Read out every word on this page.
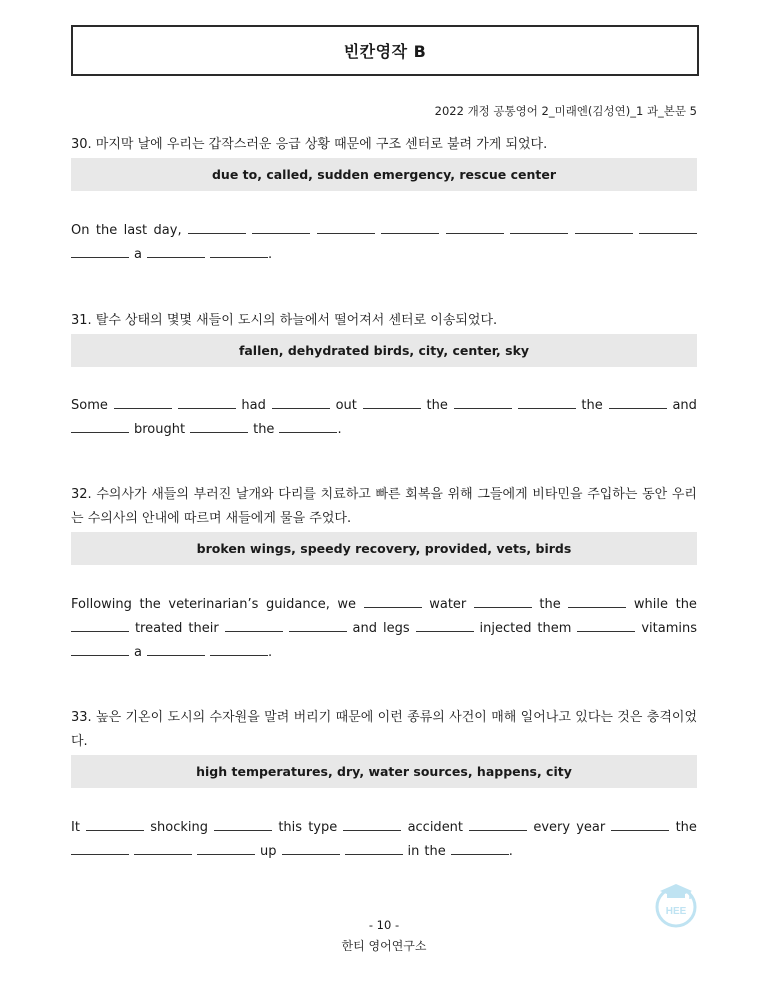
빈칸영작 B
2022 개정 공통영어 2_미래엔(김성연)_1 과_본문 5
30. 마지막 날에 우리는 갑작스러운 응급 상황 때문에 구조 센터로 불려 가게 되었다.
due to, called, sudden emergency, rescue center
On the last day,
a	.
31. 탈수 상태의 몇몇 새들이 도시의 하늘에서 떨어져서 센터로 이송되었다.
fallen, dehydrated birds, city, center, sky
Some	had	out	the	the	and
brought	the	.
32. 수의사가 새들의 부러진 날개와 다리를 치료하고 빠른 회복을 위해 그들에게 비타민을 주입하는 동안 우리는 수의사의 안내에 따르며 새들에게 물을 주었다.
broken wings, speedy recovery, provided, vets, birds
Following the veterinarian’s guidance, we	water	the	while the
treated their	and legs	injected them	vitamins
a	.
33. 높은 기온이 도시의 수자원을 말려 버리기 때문에 이런 종류의 사건이 매해 일어나고 있다는 것은 충격이었다.
high temperatures, dry, water sources, happens, city
It	shocking	this type	accident	every year	the
up	in the	.
- 10 -
한티 영어연구소
HEE
